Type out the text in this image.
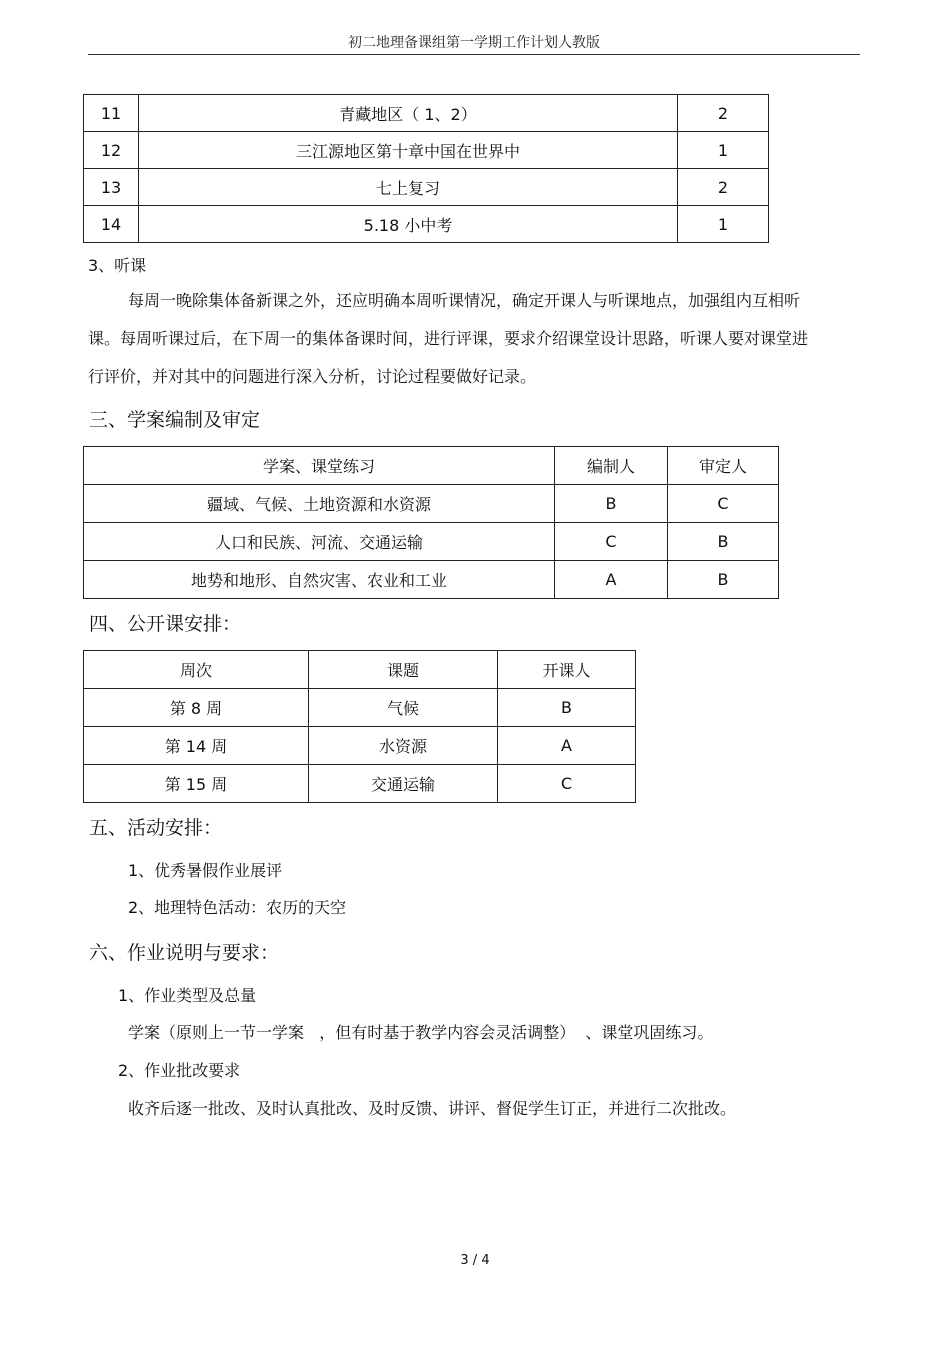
初二地理备课组第一学期工作计划人教版
11	青藏地区（ 1、2）	2
12	三江源地区第十章中国在世界中	1
13	七上复习	2
14	5.18 小中考	1
3、听课
每周一晚除集体备新课之外，还应明确本周听课情况，确定开课人与听课地点，加强组内互相听课。每周听课过后，在下周一的集体备课时间，进行评课，要求介绍课堂设计思路，听课人要对课堂进行评价，并对其中的问题进行深入分析，讨论过程要做好记录。
三、学案编制及审定
学案、课堂练习	编制人	审定人
疆域、气候、土地资源和水资源	B	C
人口和民族、河流、交通运输	C	B
地势和地形、自然灾害、农业和工业	A	B
四、公开课安排：
周次	课题	开课人
第 8 周	气候	B
第 14 周	水资源	A
第 15 周	交通运输	C
五、活动安排：
1、优秀暑假作业展评
2、地理特色活动：农历的天空
六、作业说明与要求：
1、作业类型及总量
学案（原则上一节一学案   ，但有时基于教学内容会灵活调整）  、课堂巩固练习。
2、作业批改要求
收齐后逐一批改、及时认真批改、及时反馈、讲评、督促学生订正，并进行二次批改。
3 / 4
